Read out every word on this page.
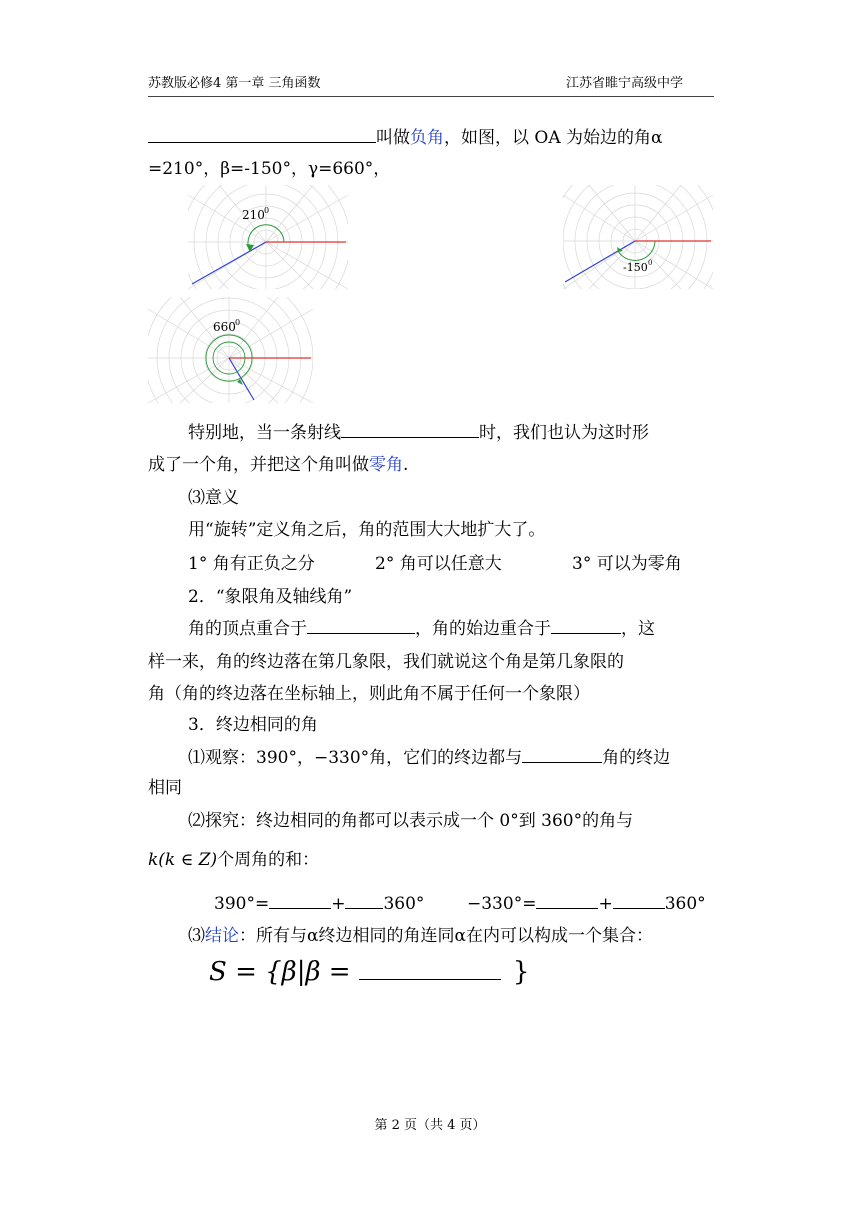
苏教版必修4 第一章 三角函数	江苏省睢宁高级中学
叫做负角，如图，以 OA 为始边的角α
=210°，β=-150°，γ=660°，
210 0
-150 0
660 0
特别地，当一条射线	时，我们也认为这时形
成了一个角，并把这个角叫做零角.
⑶意义
用“旋转”定义角之后，角的范围大大地扩大了。
1° 角有正负之分	2° 角可以任意大	3° 可以为零角
2．“象限角及轴线角”
角的顶点重合于	，角的始边重合于	，这
样一来，角的终边落在第几象限，我们就说这个角是第几象限的
角（角的终边落在坐标轴上，则此角不属于任何一个象限）
3．终边相同的角
⑴观察：390°，−330°角，它们的终边都与	角的终边
相同
⑵探究：终边相同的角都可以表示成一个 0°到 360°的角与
k(k ∈ Z)个周角的和：
390°=	+ 360°	−330°=	+	360°
⑶结论：所有与α终边相同的角连同α在内可以构成一个集合：
S = {β|β =	}
第 2 页（共 4 页）
